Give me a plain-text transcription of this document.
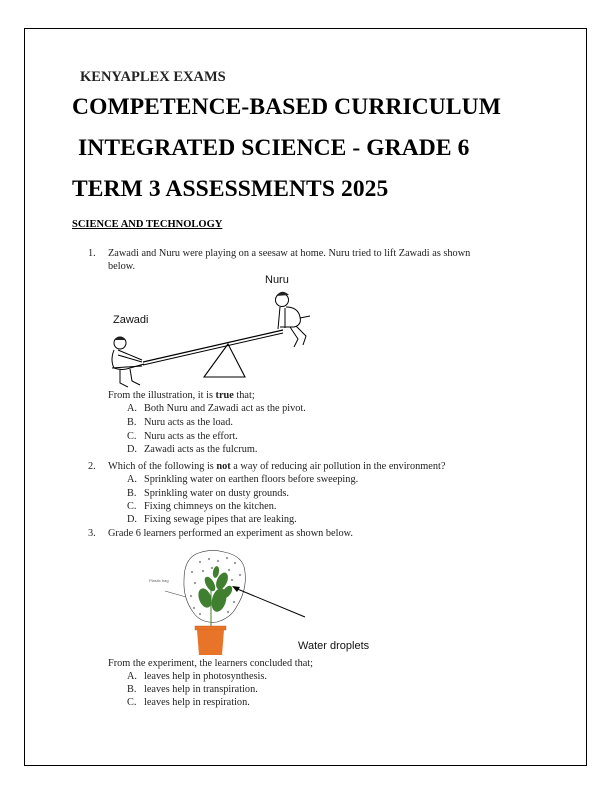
KENYAPLEX EXAMS
COMPETENCE-BASED CURRICULUM
INTEGRATED SCIENCE - GRADE 6
TERM 3 ASSESSMENTS 2025
SCIENCE AND TECHNOLOGY
1. Zawadi and Nuru were playing on a seesaw at home. Nuru tried to lift Zawadi as shown
below.
Zawadi
Nuru
From the illustration, it is true that;
A. Both Nuru and Zawadi act as the pivot.
B. Nuru acts as the load.
C. Nuru acts as the effort.
D. Zawadi acts as the fulcrum.
2. Which of the following is not a way of reducing air pollution in the environment?
A. Sprinkling water on earthen floors before sweeping.
B. Sprinkling water on dusty grounds.
C. Fixing chimneys on the kitchen.
D. Fixing sewage pipes that are leaking.
3. Grade 6 learners performed an experiment as shown below.
Plastic bag
Water droplets
From the experiment, the learners concluded that;
A. leaves help in photosynthesis.
B. leaves help in transpiration.
C. leaves help in respiration.
